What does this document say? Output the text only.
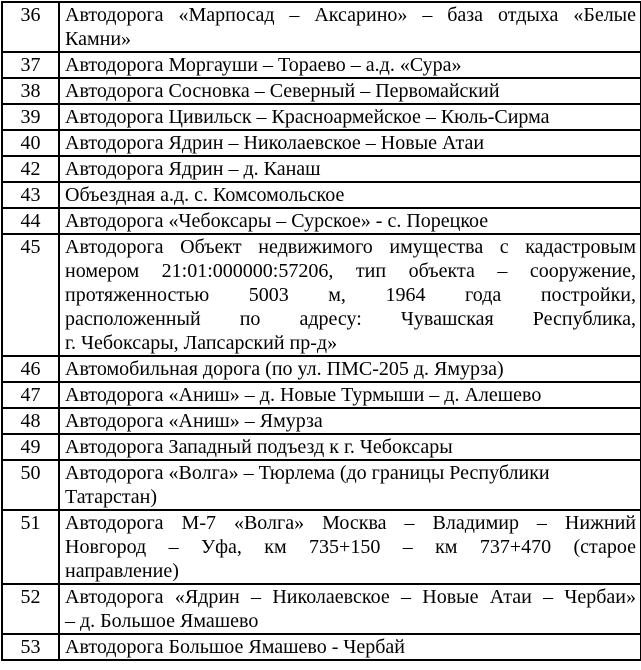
36	Автодорога «Марпосад – Аксарино» – база отдыха «Белые
Камни»

37	Автодорога Моргауши – Тораево – а.д. «Сура»

38	Автодорога Сосновка – Северный – Первомайский

39	Автодорога Цивильск – Красноармейское – Кюль-Сирма

40	Автодорога Ядрин – Николаевское – Новые Атаи

42	Автодорога Ядрин – д. Канаш

43	Объездная а.д. с. Комсомольское

44	Автодорога «Чебоксары – Сурское» - с. Порецкое

45	Автодорога Объект недвижимого имущества с кадастровым
номером 21:01:000000:57206, тип объекта – сооружение,
протяженностью 5003 м, 1964 года постройки,
расположенный по адресу: Чувашская Республика,
г. Чебоксары, Лапсарский пр-д»

46	Автомобильная дорога (по ул. ПМС-205 д. Ямурза)

47	Автодорога «Аниш» – д. Новые Турмыши – д. Алешево

48	Автодорога «Аниш» – Ямурза

49	Автодорога Западный подъезд к г. Чебоксары

50	Автодорога «Волга» – Тюрлема (до границы Республики
Татарстан)

51	Автодорога М-7 «Волга» Москва – Владимир – Нижний
Новгород – Уфа, км 735+150 – км 737+470 (старое
направление)

52	Автодорога «Ядрин – Николаевское – Новые Атаи – Чербаи»
– д. Большое Ямашево

53	Автодорога Большое Ямашево - Чербай
